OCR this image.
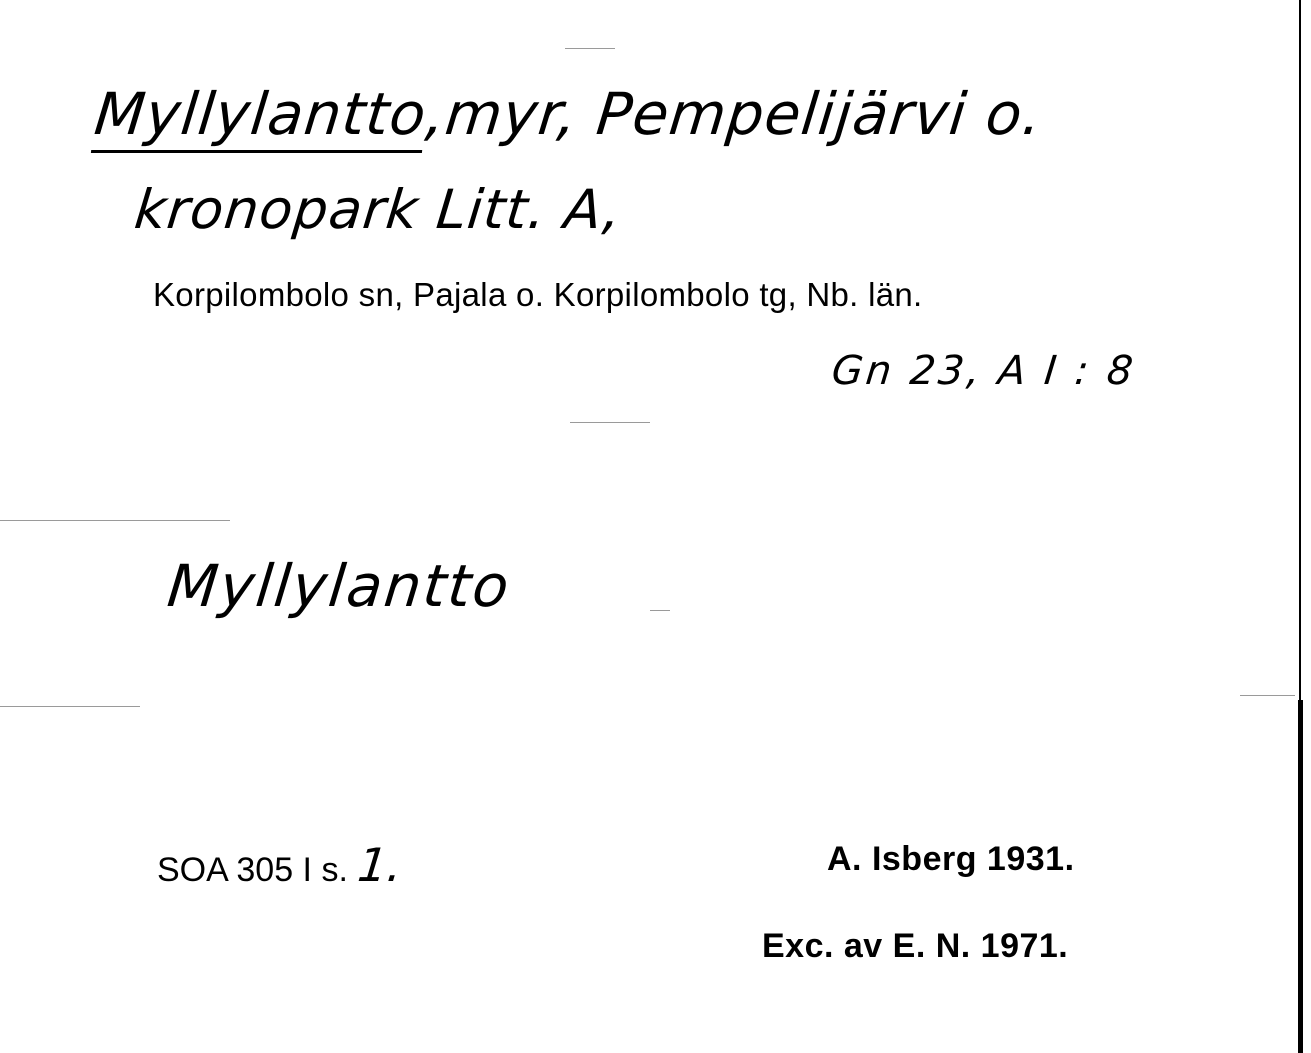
Myllylantto,myr, Pempelijärvi o.
kronopark Litt. A,
Korpilombolo sn, Pajala o. Korpilombolo tg, Nb. län.
Gn 23, A I : 8
Myllylantto
SOA 305 I s. 1.	A. Isberg 1931.
Exc. av E. N. 1971.
